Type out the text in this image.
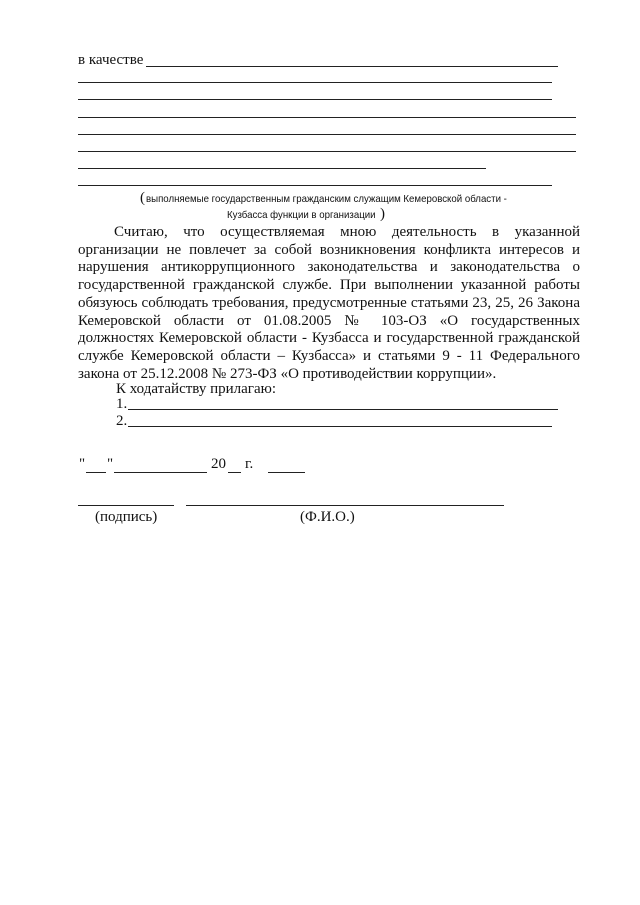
в качестве
( выполняемые государственным гражданским служащим Кемеровской области -
Кузбасса функции в организации )

Считаю, что осуществляемая мною деятельность в указанной организации не повлечет за собой возникновения конфликта интересов и нарушения антикоррупционного законодательства и законодательства о государственной гражданской службе. При выполнении указанной работы обязуюсь соблюдать требования, предусмотренные статьями 23, 25, 26 Закона Кемеровской области от 01.08.2005 № 103-ОЗ «О государственных должностях Кемеровской области - Кузбасса и государственной гражданской службе Кемеровской области – Кузбасса» и статьями 9 - 11 Федерального закона от 25.12.2008 № 273-ФЗ «О противодействии коррупции».

К ходатайству прилагаю:
1.
2.
" "	20 г.
(подпись)	(Ф.И.О.)
